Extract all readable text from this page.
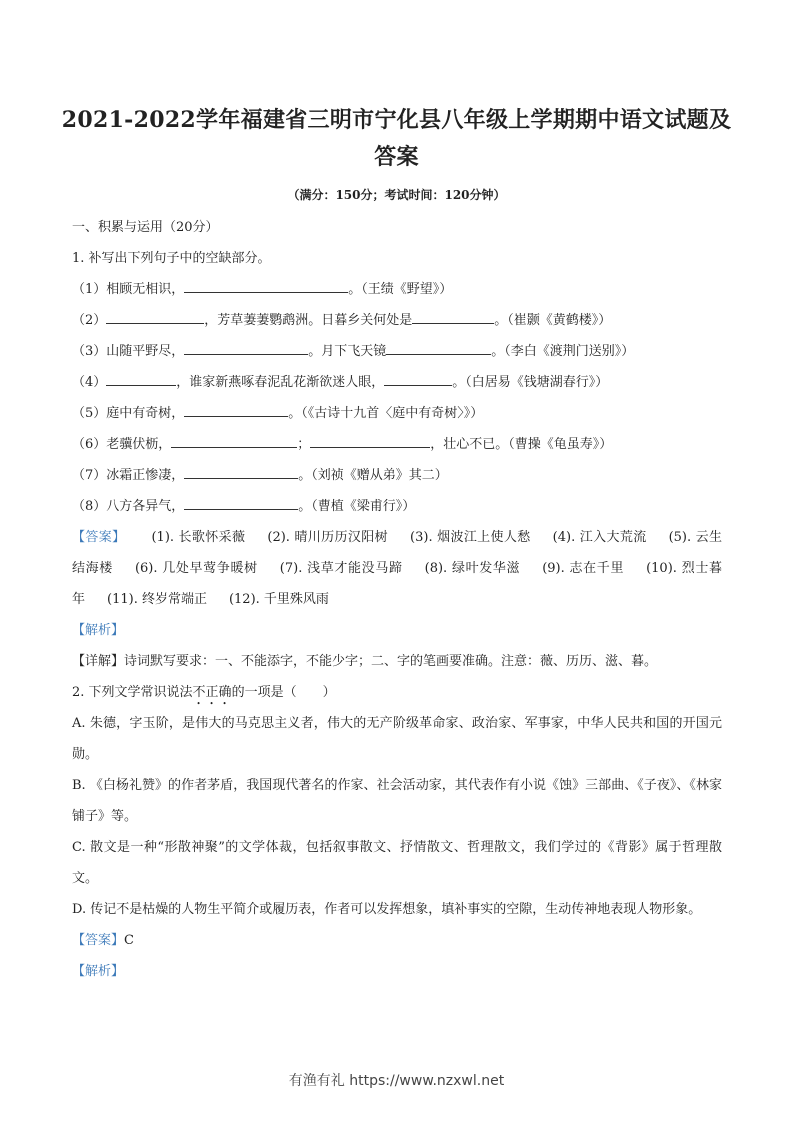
2021-2022学年福建省三明市宁化县八年级上学期期中语文试题及答案
（满分：150分；考试时间：120分钟）
一、积累与运用（20分）
1. 补写出下列句子中的空缺部分。
（1）相顾无相识，	。（王绩《野望》）
（2）	，芳草萋萋鹦鹉洲。日暮乡关何处是	。（崔颢《黄鹤楼》）
（3）山随平野尽，	。月下飞天镜	。（李白《渡荆门送别》）
（4）	，谁家新燕啄春泥乱花渐欲迷人眼，	。（白居易《钱塘湖春行》）
（5）庭中有奇树，	。（《古诗十九首〈庭中有奇树〉》）
（6）老骥伏枥，	；	，壮心不已。（曹操《龟虽寿》）
（7）冰霜正惨凄，	。（刘祯《赠从弟》其二）
（8）八方各异气，	。（曹植《梁甫行》）
【答案】 (1). 长歌怀采薇 (2). 晴川历历汉阳树 (3). 烟波江上使人愁 (4). 江入大荒流 (5). 云生结海楼 (6). 几处早莺争暖树 (7). 浅草才能没马蹄 (8). 绿叶发华滋 (9). 志在千里 (10). 烈士暮年 (11). 终岁常端正 (12). 千里殊风雨
【解析】
【详解】诗词默写要求：一、不能添字，不能少字；二、字的笔画要准确。注意：薇、历历、滋、暮。
2. 下列文学常识说法不正确的一项是（　　）
A. 朱德，字玉阶，是伟大的马克思主义者，伟大的无产阶级革命家、政治家、军事家，中华人民共和国的开国元勋。
B. 《白杨礼赞》的作者茅盾，我国现代著名的作家、社会活动家，其代表作有小说《蚀》三部曲、《子夜》、《林家铺子》等。
C. 散文是一种“形散神聚”的文学体裁，包括叙事散文、抒情散文、哲理散文，我们学过的《背影》属于哲理散文。
D. 传记不是枯燥的人物生平简介或履历表，作者可以发挥想象，填补事实的空隙，生动传神地表现人物形象。
【答案】C
【解析】
有渔有礼 https://www.nzxwl.net
